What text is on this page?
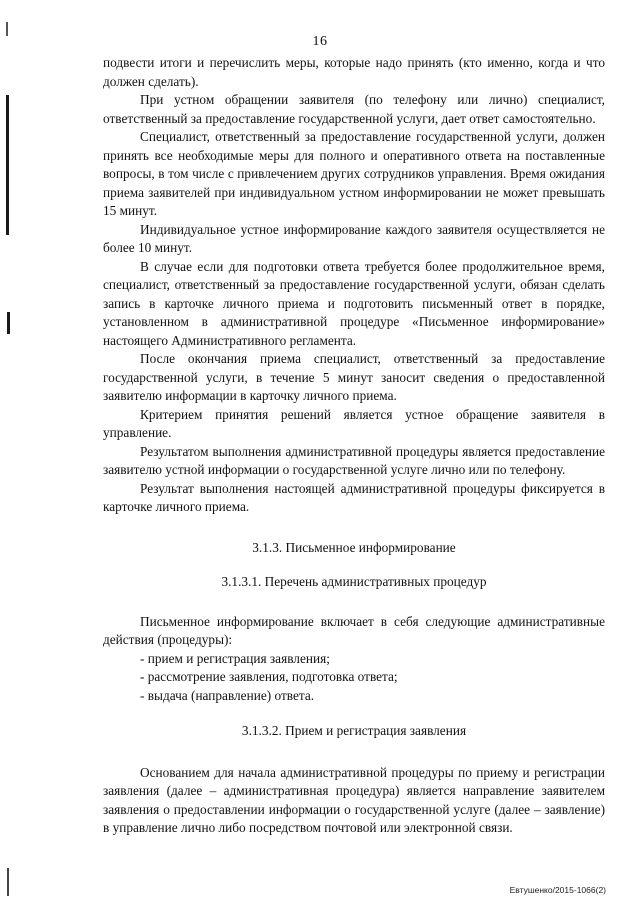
16

подвести итоги и перечислить меры, которые надо принять (кто именно, когда и что должен сделать).

При устном обращении заявителя (по телефону или лично) специалист, ответственный за предоставление государственной услуги, дает ответ самостоятельно.

Специалист, ответственный за предоставление государственной услуги, должен принять все необходимые меры для полного и оперативного ответа на поставленные вопросы, в том числе с привлечением других сотрудников управления. Время ожидания приема заявителей при индивидуальном устном информировании не может превышать 15 минут.

Индивидуальное устное информирование каждого заявителя осуществляется не более 10 минут.

В случае если для подготовки ответа требуется более продолжительное время, специалист, ответственный за предоставление государственной услуги, обязан сделать запись в карточке личного приема и подготовить письменный ответ в порядке, установленном в административной процедуре «Письменное информирование» настоящего Административного регламента.

После окончания приема специалист, ответственный за предоставление государственной услуги, в течение 5 минут заносит сведения о предоставленной заявителю информации в карточку личного приема.

Критерием принятия решений является устное обращение заявителя в управление.

Результатом выполнения административной процедуры является предоставление заявителю устной информации о государственной услуге лично или по телефону.

Результат выполнения настоящей административной процедуры фиксируется в карточке личного приема.

3.1.3. Письменное информирование

3.1.3.1. Перечень административных процедур

Письменное информирование включает в себя следующие административные действия (процедуры):

- прием и регистрация заявления;

- рассмотрение заявления, подготовка ответа;

- выдача (направление) ответа.

3.1.3.2. Прием и регистрация заявления

Основанием для начала административной процедуры по приему и регистрации заявления (далее – административная процедура) является направление заявителем заявления о предоставлении информации о государственной услуге (далее – заявление) в управление лично либо посредством почтовой или электронной связи.

Евтушенко/2015-1066(2)
